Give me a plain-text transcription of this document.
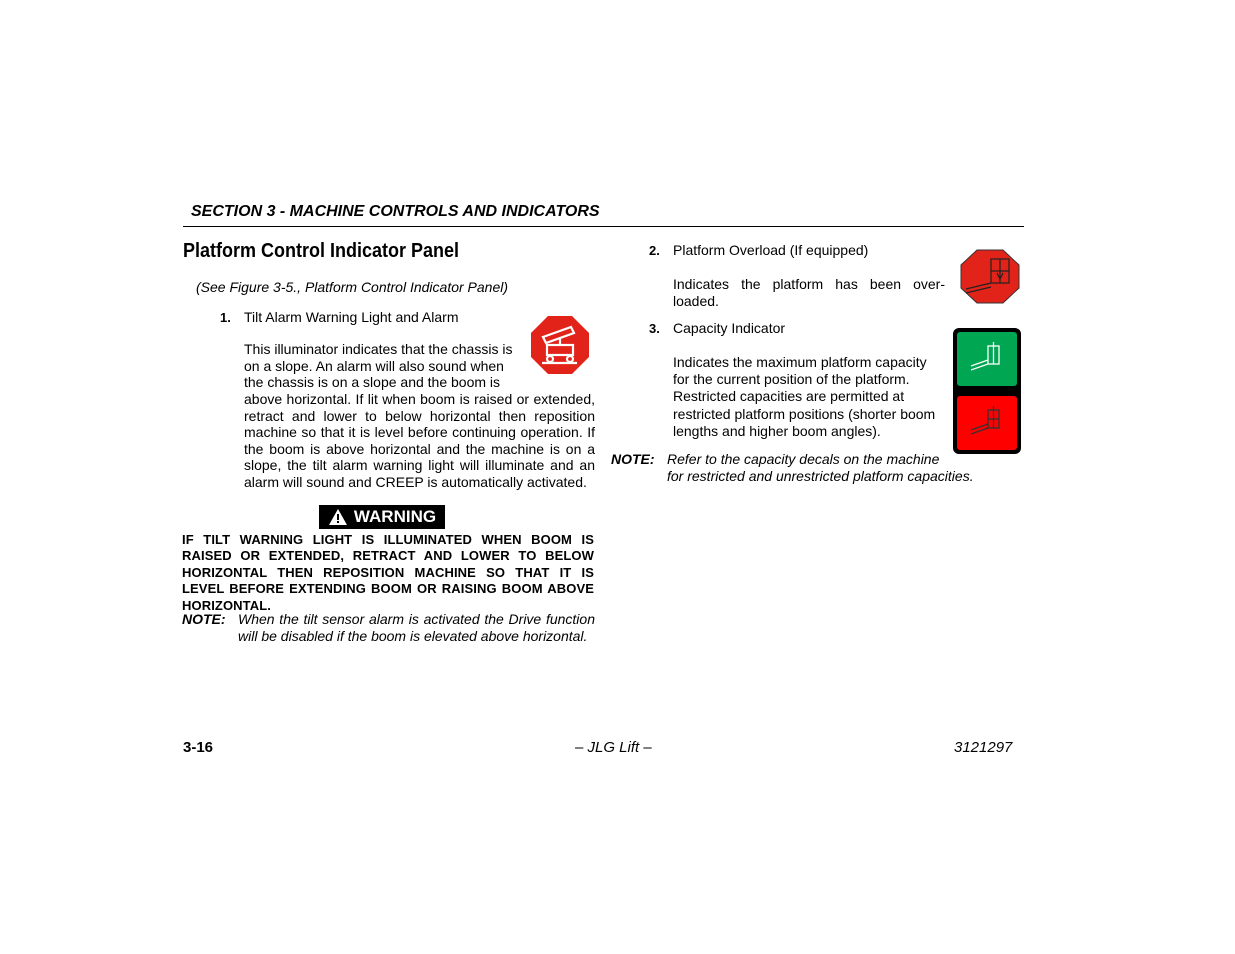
SECTION 3 - MACHINE CONTROLS AND INDICATORS
Platform Control Indicator Panel
(See Figure 3-5., Platform Control Indicator Panel)
1. Tilt Alarm Warning Light and Alarm
This illuminator indicates that the chassis is
on a slope. An alarm will also sound when
the chassis is on a slope and the boom is
above horizontal. If lit when boom is raised or extended, retract and lower to below horizontal then reposition machine so that it is level before continuing operation. If the boom is above horizontal and the machine is on a slope, the tilt alarm warning light will illuminate and an alarm will sound and CREEP is automatically activated.
WARNING
IF TILT WARNING LIGHT IS ILLUMINATED WHEN BOOM IS RAISED OR EXTENDED, RETRACT AND LOWER TO BELOW HORIZONTAL THEN REPOSITION MACHINE SO THAT IT IS LEVEL BEFORE EXTENDING BOOM OR RAISING BOOM ABOVE HORIZONTAL.
NOTE: When the tilt sensor alarm is activated the Drive function will be disabled if the boom is elevated above horizontal.
2. Platform Overload (If equipped)
Indicates the platform has been over-loaded.
3. Capacity Indicator
Indicates the maximum platform capacity
for the current position of the platform.
Restricted capacities are permitted at
restricted platform positions (shorter boom
lengths and higher boom angles).
NOTE: Refer to the capacity decals on the machine
for restricted and unrestricted platform capacities.
3-16	– JLG Lift –	3121297
